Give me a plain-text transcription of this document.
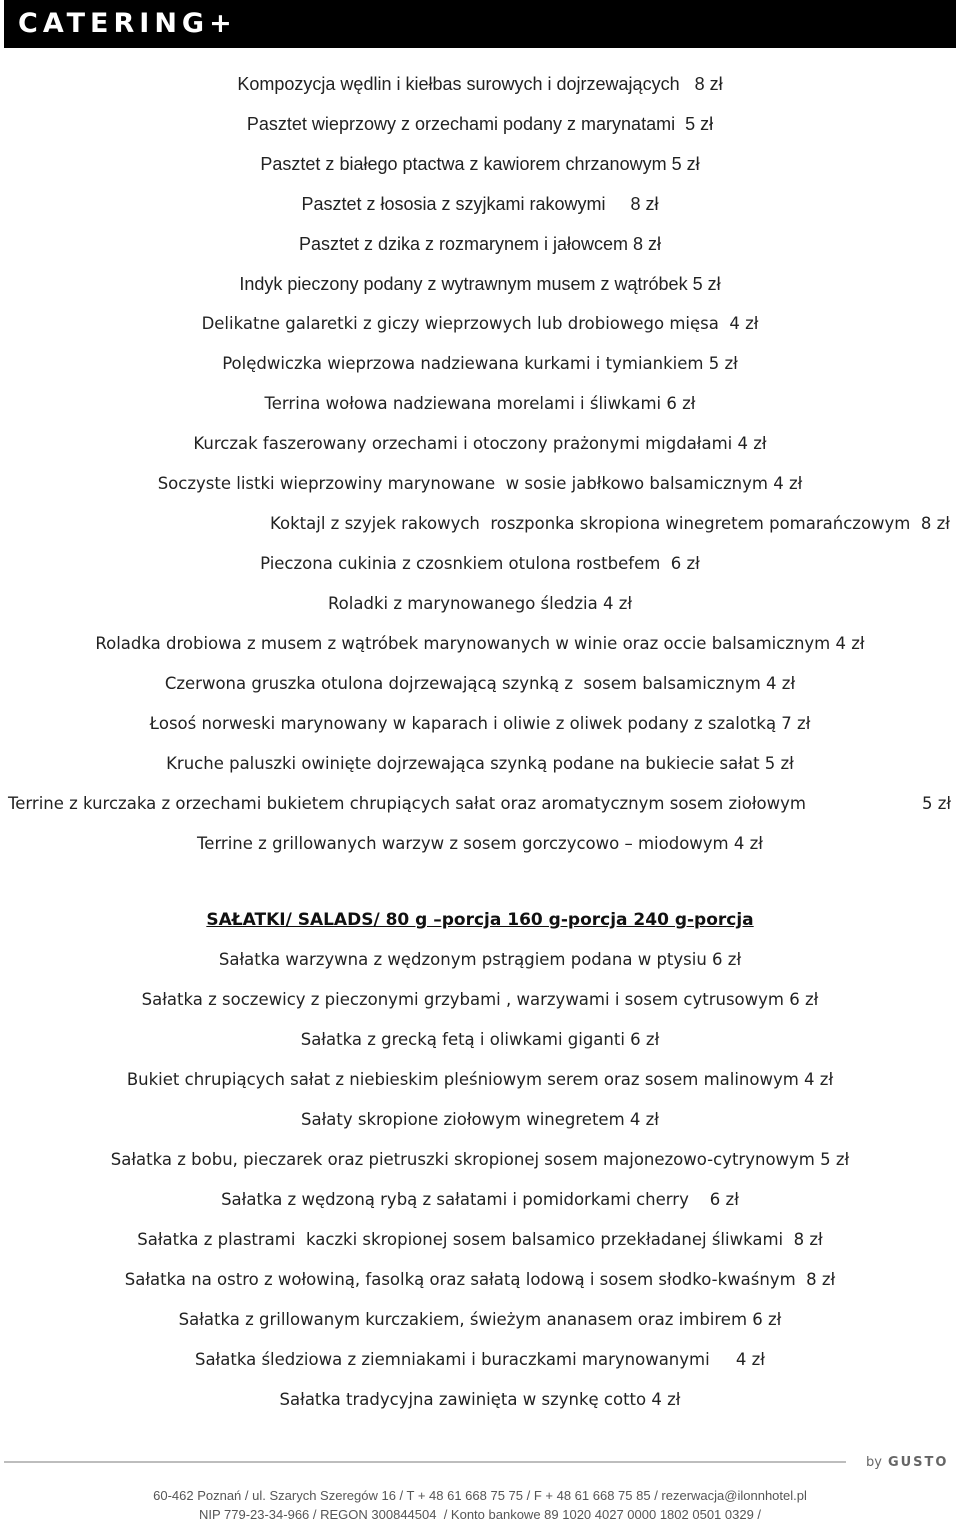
CATERING+
Kompozycja wędlin i kiełbas surowych i dojrzewających   8 zł
Pasztet wieprzowy z orzechami podany z marynatami  5 zł
Pasztet z białego ptactwa z kawiorem chrzanowym 5 zł
Pasztet z łososia z szyjkami rakowymi     8 zł
Pasztet z dzika z rozmarynem i jałowcem 8 zł
Indyk pieczony podany z wytrawnym musem z wątróbek 5 zł
Delikatne galaretki z giczy wieprzowych lub drobiowego mięsa  4 zł
Polędwiczka wieprzowa nadziewana kurkami i tymiankiem 5 zł
Terrina wołowa nadziewana morelami i śliwkami 6 zł
Kurczak faszerowany orzechami i otoczony prażonymi migdałami 4 zł
Soczyste listki wieprzowiny marynowane  w sosie jabłkowo balsamicznym 4 zł
Koktajl z szyjek rakowych  roszponka skropiona winegretem pomarańczowym  8 zł
Pieczona cukinia z czosnkiem otulona rostbefem  6 zł
Roladki z marynowanego śledzia 4 zł
Roladka drobiowa z musem z wątróbek marynowanych w winie oraz occie balsamicznym 4 zł
Czerwona gruszka otulona dojrzewającą szynką z  sosem balsamicznym 4 zł
Łosoś norweski marynowany w kaparach i oliwie z oliwek podany z szalotką 7 zł
Kruche paluszki owinięte dojrzewająca szynką podane na bukiecie sałat 5 zł
Terrine z kurczaka z orzechami bukietem chrupiących sałat oraz aromatycznym sosem ziołowym
Terrine z grillowanych warzyw z sosem gorczycowo – miodowym 4 zł
5 zł
SAŁATKI/ SALADS/ 80 g –porcja 160 g-porcja 240 g-porcja
Sałatka warzywna z wędzonym pstrągiem podana w ptysiu 6 zł
Sałatka z soczewicy z pieczonymi grzybami , warzywami i sosem cytrusowym 6 zł
Sałatka z grecką fetą i oliwkami giganti 6 zł
Bukiet chrupiących sałat z niebieskim pleśniowym serem oraz sosem malinowym 4 zł
Sałaty skropione ziołowym winegretem 4 zł
Sałatka z bobu, pieczarek oraz pietruszki skropionej sosem majonezowo-cytrynowym 5 zł
Sałatka z wędzoną rybą z sałatami i pomidorkami cherry    6 zł
Sałatka z plastrami  kaczki skropionej sosem balsamico przekładanej śliwkami  8 zł
Sałatka na ostro z wołowiną, fasolką oraz sałatą lodową i sosem słodko-kwaśnym  8 zł
Sałatka z grillowanym kurczakiem, świeżym ananasem oraz imbirem 6 zł
Sałatka śledziowa z ziemniakami i buraczkami marynowanymi     4 zł
Sałatka tradycyjna zawinięta w szynkę cotto 4 zł
by GUSTO
60-462 Poznań / ul. Szarych Szeregów 16 / T + 48 61 668 75 75 / F + 48 61 668 75 85 / rezerwacja@ilonnhotel.pl
NIP 779-23-34-966 / REGON 300844504  / Konto bankowe 89 1020 4027 0000 1802 0501 0329 /
